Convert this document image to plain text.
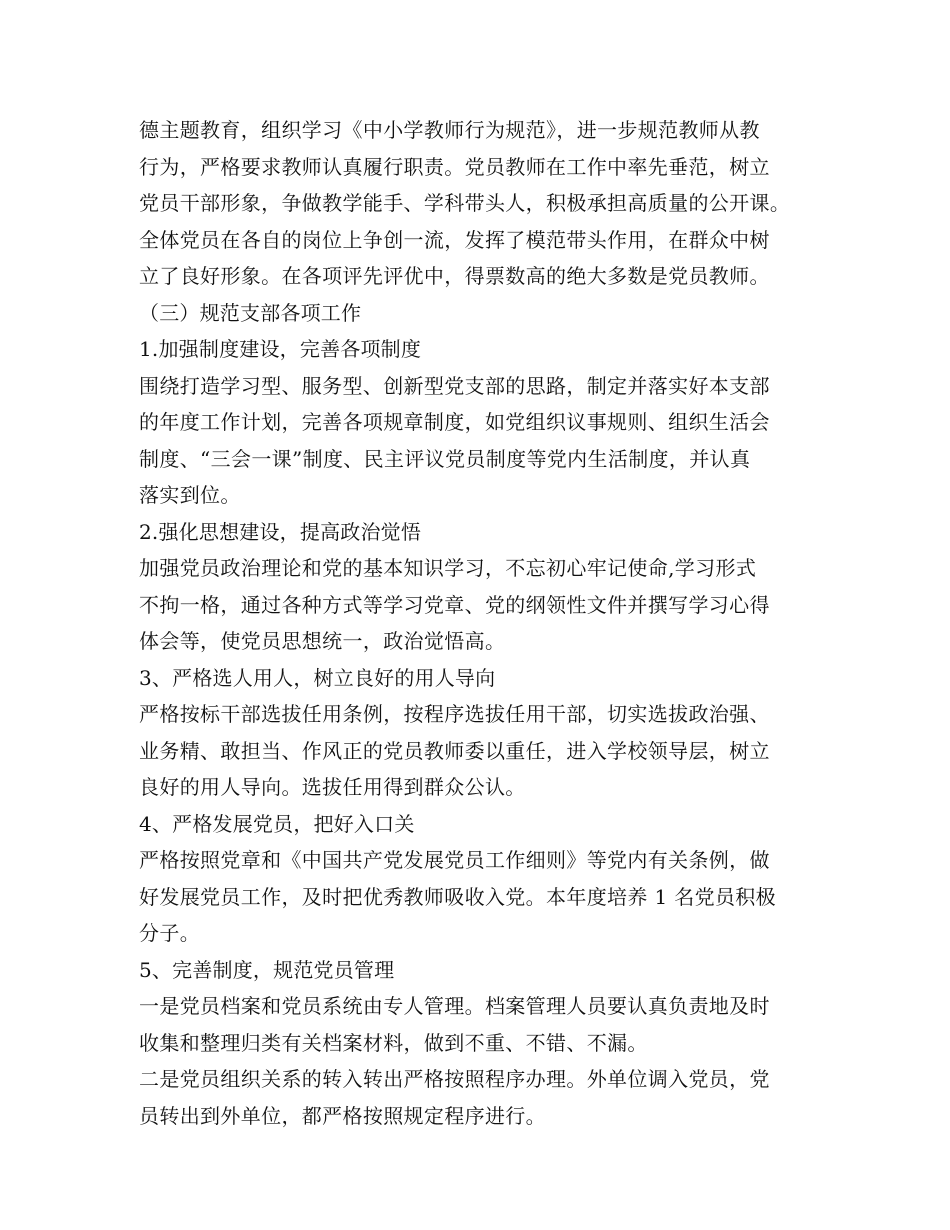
德主题教育，组织学习《中小学教师行为规范》，进一步规范教师从教
行为，严格要求教师认真履行职责。党员教师在工作中率先垂范，树立
党员干部形象，争做教学能手、学科带头人，积极承担高质量的公开课。
全体党员在各自的岗位上争创一流，发挥了模范带头作用，在群众中树
立了良好形象。在各项评先评优中，得票数高的绝大多数是党员教师。
（三）规范支部各项工作
1.加强制度建设，完善各项制度
围绕打造学习型、服务型、创新型党支部的思路，制定并落实好本支部
的年度工作计划，完善各项规章制度，如党组织议事规则、组织生活会
制度、“三会一课”制度、民主评议党员制度等党内生活制度，并认真
落实到位。
2.强化思想建设，提高政治觉悟
加强党员政治理论和党的基本知识学习，不忘初心牢记使命,学习形式
不拘一格，通过各种方式等学习党章、党的纲领性文件并撰写学习心得
体会等，使党员思想统一，政治觉悟高。
3、严格选人用人，树立良好的用人导向
严格按标干部选拔任用条例，按程序选拔任用干部，切实选拔政治强、
业务精、敢担当、作风正的党员教师委以重任，进入学校领导层，树立
良好的用人导向。选拔任用得到群众公认。
4、严格发展党员，把好入口关
严格按照党章和《中国共产党发展党员工作细则》等党内有关条例，做
好发展党员工作，及时把优秀教师吸收入党。本年度培养 1 名党员积极
分子。
5、完善制度，规范党员管理
一是党员档案和党员系统由专人管理。档案管理人员要认真负责地及时
收集和整理归类有关档案材料，做到不重、不错、不漏。
二是党员组织关系的转入转出严格按照程序办理。外单位调入党员，党
员转出到外单位，都严格按照规定程序进行。
